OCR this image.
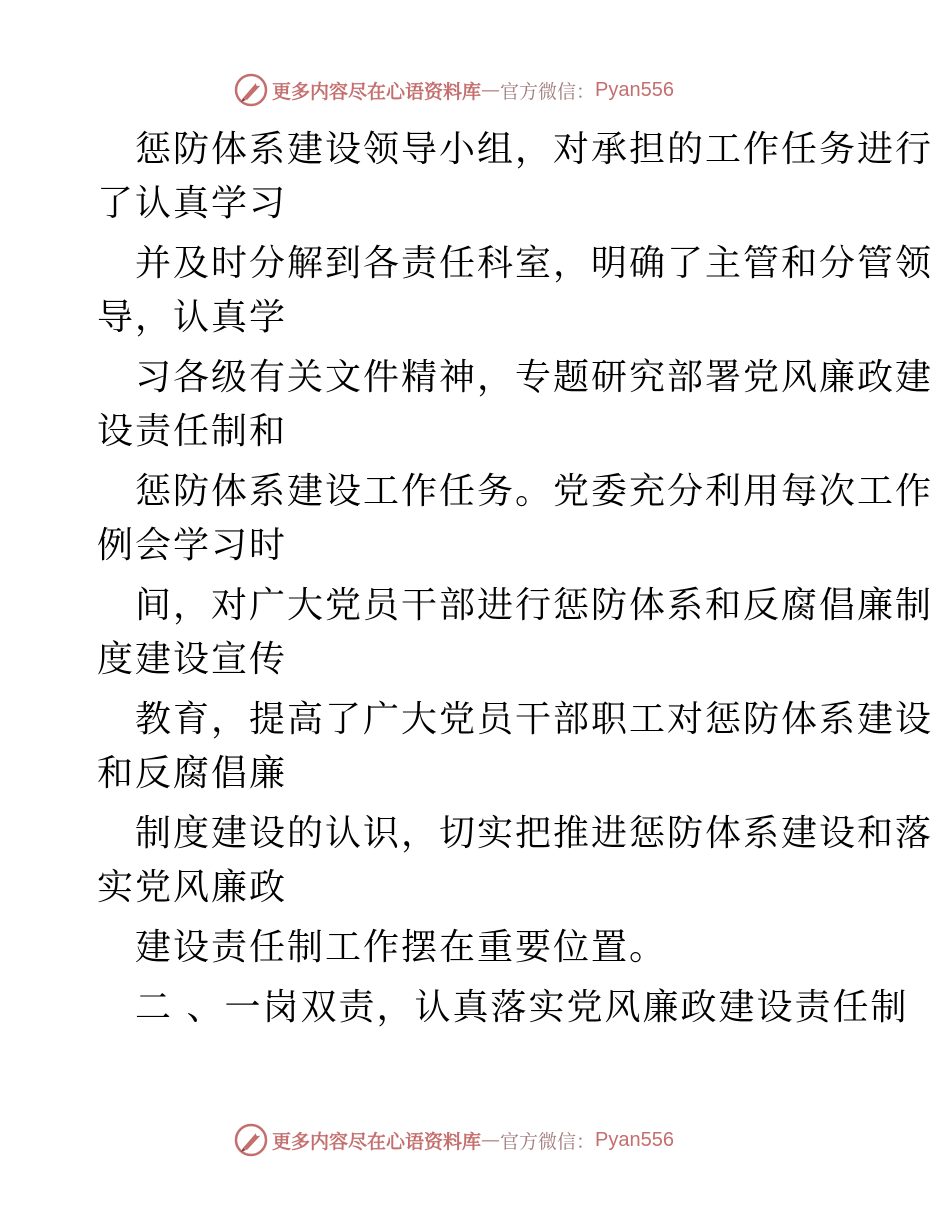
更多内容尽在心语资料库 — 官方微信： Pyan556
惩防体系建设领导小组，对承担的工作任务进行
了认真学习
并及时分解到各责任科室，明确了主管和分管领
导，认真学
习各级有关文件精神，专题研究部署党风廉政建
设责任制和
惩防体系建设工作任务。党委充分利用每次工作
例会学习时
间，对广大党员干部进行惩防体系和反腐倡廉制
度建设宣传
教育，提高了广大党员干部职工对惩防体系建设
和反腐倡廉
制度建设的认识，切实把推进惩防体系建设和落
实党风廉政
建设责任制工作摆在重要位置。
二 、一岗双责，认真落实党风廉政建设责任制
更多内容尽在心语资料库 — 官方微信： Pyan556
